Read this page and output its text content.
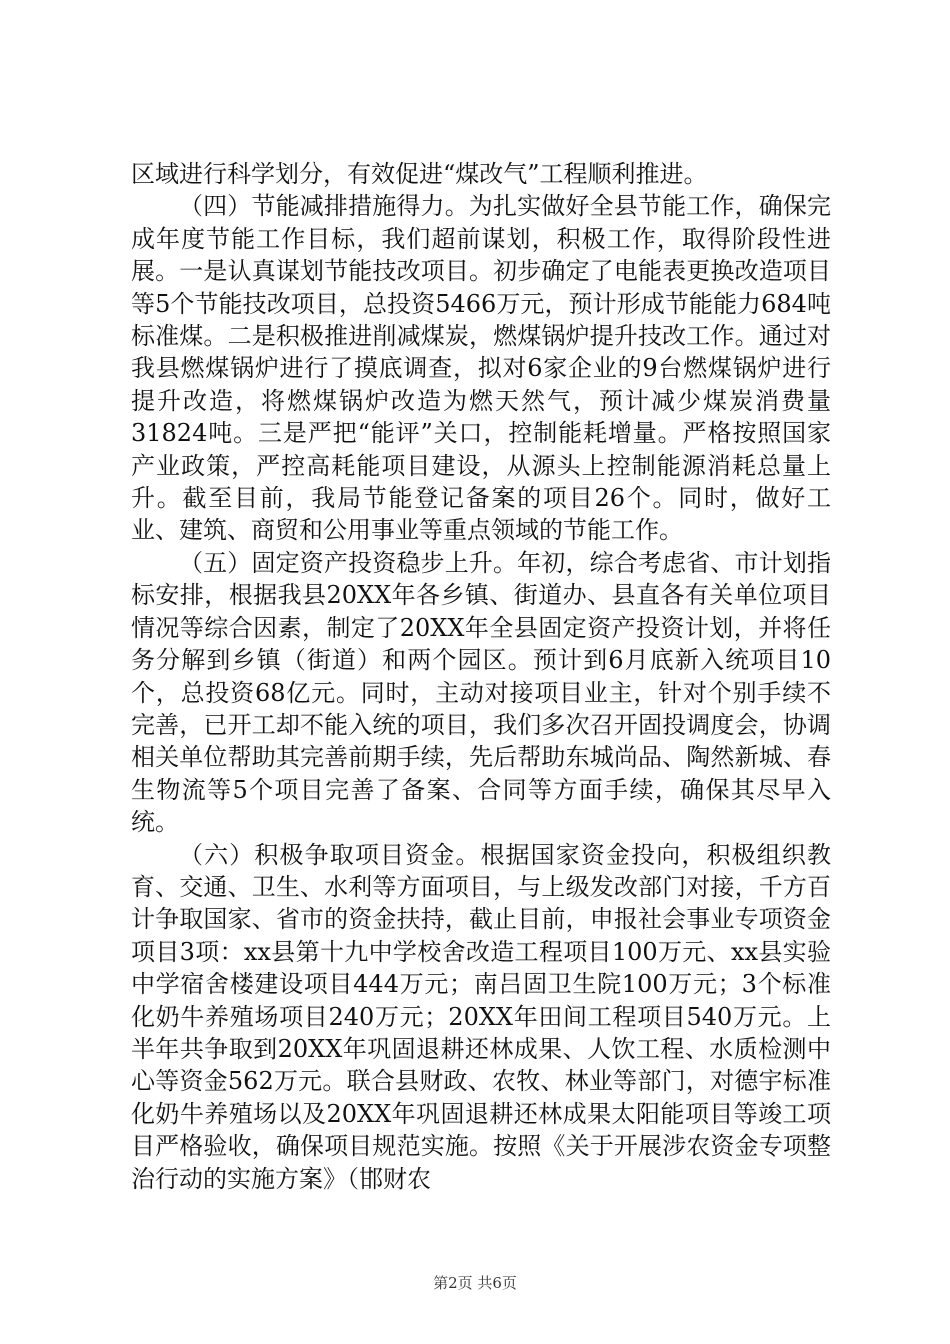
区域进行科学划分，有效促进“煤改气”工程顺利推进。

（四）节能减排措施得力。为扎实做好全县节能工作，确保完成年度节能工作目标，我们超前谋划，积极工作，取得阶段性进展。一是认真谋划节能技改项目。初步确定了电能表更换改造项目等5个节能技改项目，总投资5466万元，预计形成节能能力684吨标准煤。二是积极推进削减煤炭，燃煤锅炉提升技改工作。通过对我县燃煤锅炉进行了摸底调查，拟对6家企业的9台燃煤锅炉进行提升改造，将燃煤锅炉改造为燃天然气，预计减少煤炭消费量31824吨。三是严把“能评”关口，控制能耗增量。严格按照国家产业政策，严控高耗能项目建设，从源头上控制能源消耗总量上升。截至目前，我局节能登记备案的项目26个。同时，做好工业、建筑、商贸和公用事业等重点领域的节能工作。

（五）固定资产投资稳步上升。年初，综合考虑省、市计划指标安排，根据我县20XX年各乡镇、街道办、县直各有关单位项目情况等综合因素，制定了20XX年全县固定资产投资计划，并将任务分解到乡镇（街道）和两个园区。预计到6月底新入统项目10个，总投资68亿元。同时，主动对接项目业主，针对个别手续不完善，已开工却不能入统的项目，我们多次召开固投调度会，协调相关单位帮助其完善前期手续，先后帮助东城尚品、陶然新城、春生物流等5个项目完善了备案、合同等方面手续，确保其尽早入统。

（六）积极争取项目资金。根据国家资金投向，积极组织教育、交通、卫生、水利等方面项目，与上级发改部门对接，千方百计争取国家、省市的资金扶持，截止目前，申报社会事业专项资金项目3项：xx县第十九中学校舍改造工程项目100万元、xx县实验中学宿舍楼建设项目444万元；南吕固卫生院100万元；3个标准化奶牛养殖场项目240万元；20XX年田间工程项目540万元。上半年共争取到20XX年巩固退耕还林成果、人饮工程、水质检测中心等资金562万元。联合县财政、农牧、林业等部门，对德宇标准化奶牛养殖场以及20XX年巩固退耕还林成果太阳能项目等竣工项目严格验收，确保项目规范实施。按照《关于开展涉农资金专项整治行动的实施方案》（邯财农

第2页 共6页
